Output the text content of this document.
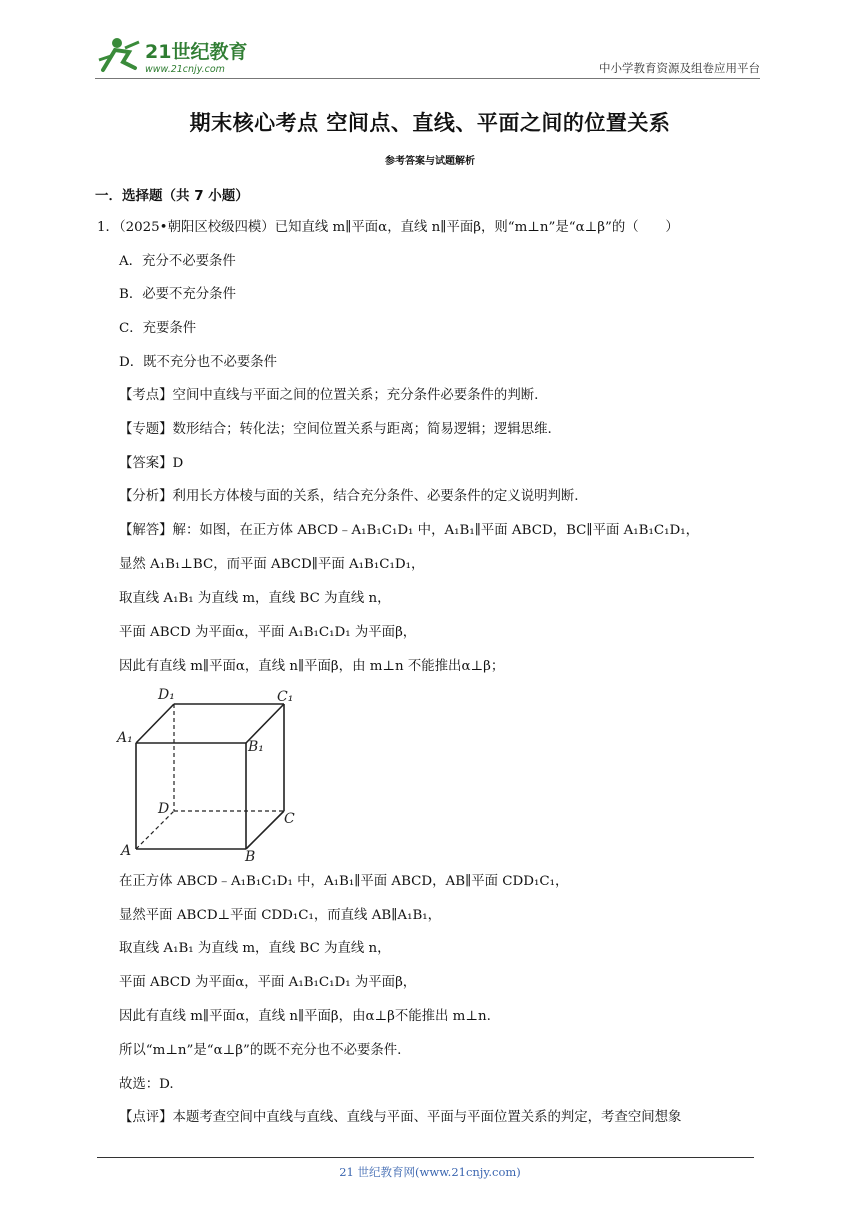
21世纪教育
www.21cnjy.com	中小学教育资源及组卷应用平台
期末核心考点 空间点、直线、平面之间的位置关系
参考答案与试题解析
一．选择题（共 7 小题）
1．（2025•朝阳区校级四模）已知直线 m∥平面α，直线 n∥平面β，则“m⊥n”是“α⊥β”的（　　）
A．充分不必要条件
B．必要不充分条件
C．充要条件
D．既不充分也不必要条件
【考点】空间中直线与平面之间的位置关系；充分条件必要条件的判断.
【专题】数形结合；转化法；空间位置关系与距离；简易逻辑；逻辑思维.
【答案】D
【分析】利用长方体棱与面的关系，结合充分条件、必要条件的定义说明判断.
【解答】解：如图，在正方体 ABCD﹣A₁B₁C₁D₁ 中，A₁B₁∥平面 ABCD，BC∥平面 A₁B₁C₁D₁，
显然 A₁B₁⊥BC，而平面 ABCD∥平面 A₁B₁C₁D₁，
取直线 A₁B₁ 为直线 m，直线 BC 为直线 n，
平面 ABCD 为平面α，平面 A₁B₁C₁D₁ 为平面β，
因此有直线 m∥平面α，直线 n∥平面β，由 m⊥n 不能推出α⊥β；
D₁	C₁
A₁
B₁
D
C
A	B
在正方体 ABCD﹣A₁B₁C₁D₁ 中，A₁B₁∥平面 ABCD，AB∥平面 CDD₁C₁，
显然平面 ABCD⊥平面 CDD₁C₁，而直线 AB∥A₁B₁，
取直线 A₁B₁ 为直线 m，直线 BC 为直线 n，
平面 ABCD 为平面α，平面 A₁B₁C₁D₁ 为平面β，
因此有直线 m∥平面α，直线 n∥平面β，由α⊥β不能推出 m⊥n.
所以“m⊥n”是“α⊥β”的既不充分也不必要条件.
故选：D.
【点评】本题考查空间中直线与直线、直线与平面、平面与平面位置关系的判定，考查空间想象
21 世纪教育网(www.21cnjy.com)
